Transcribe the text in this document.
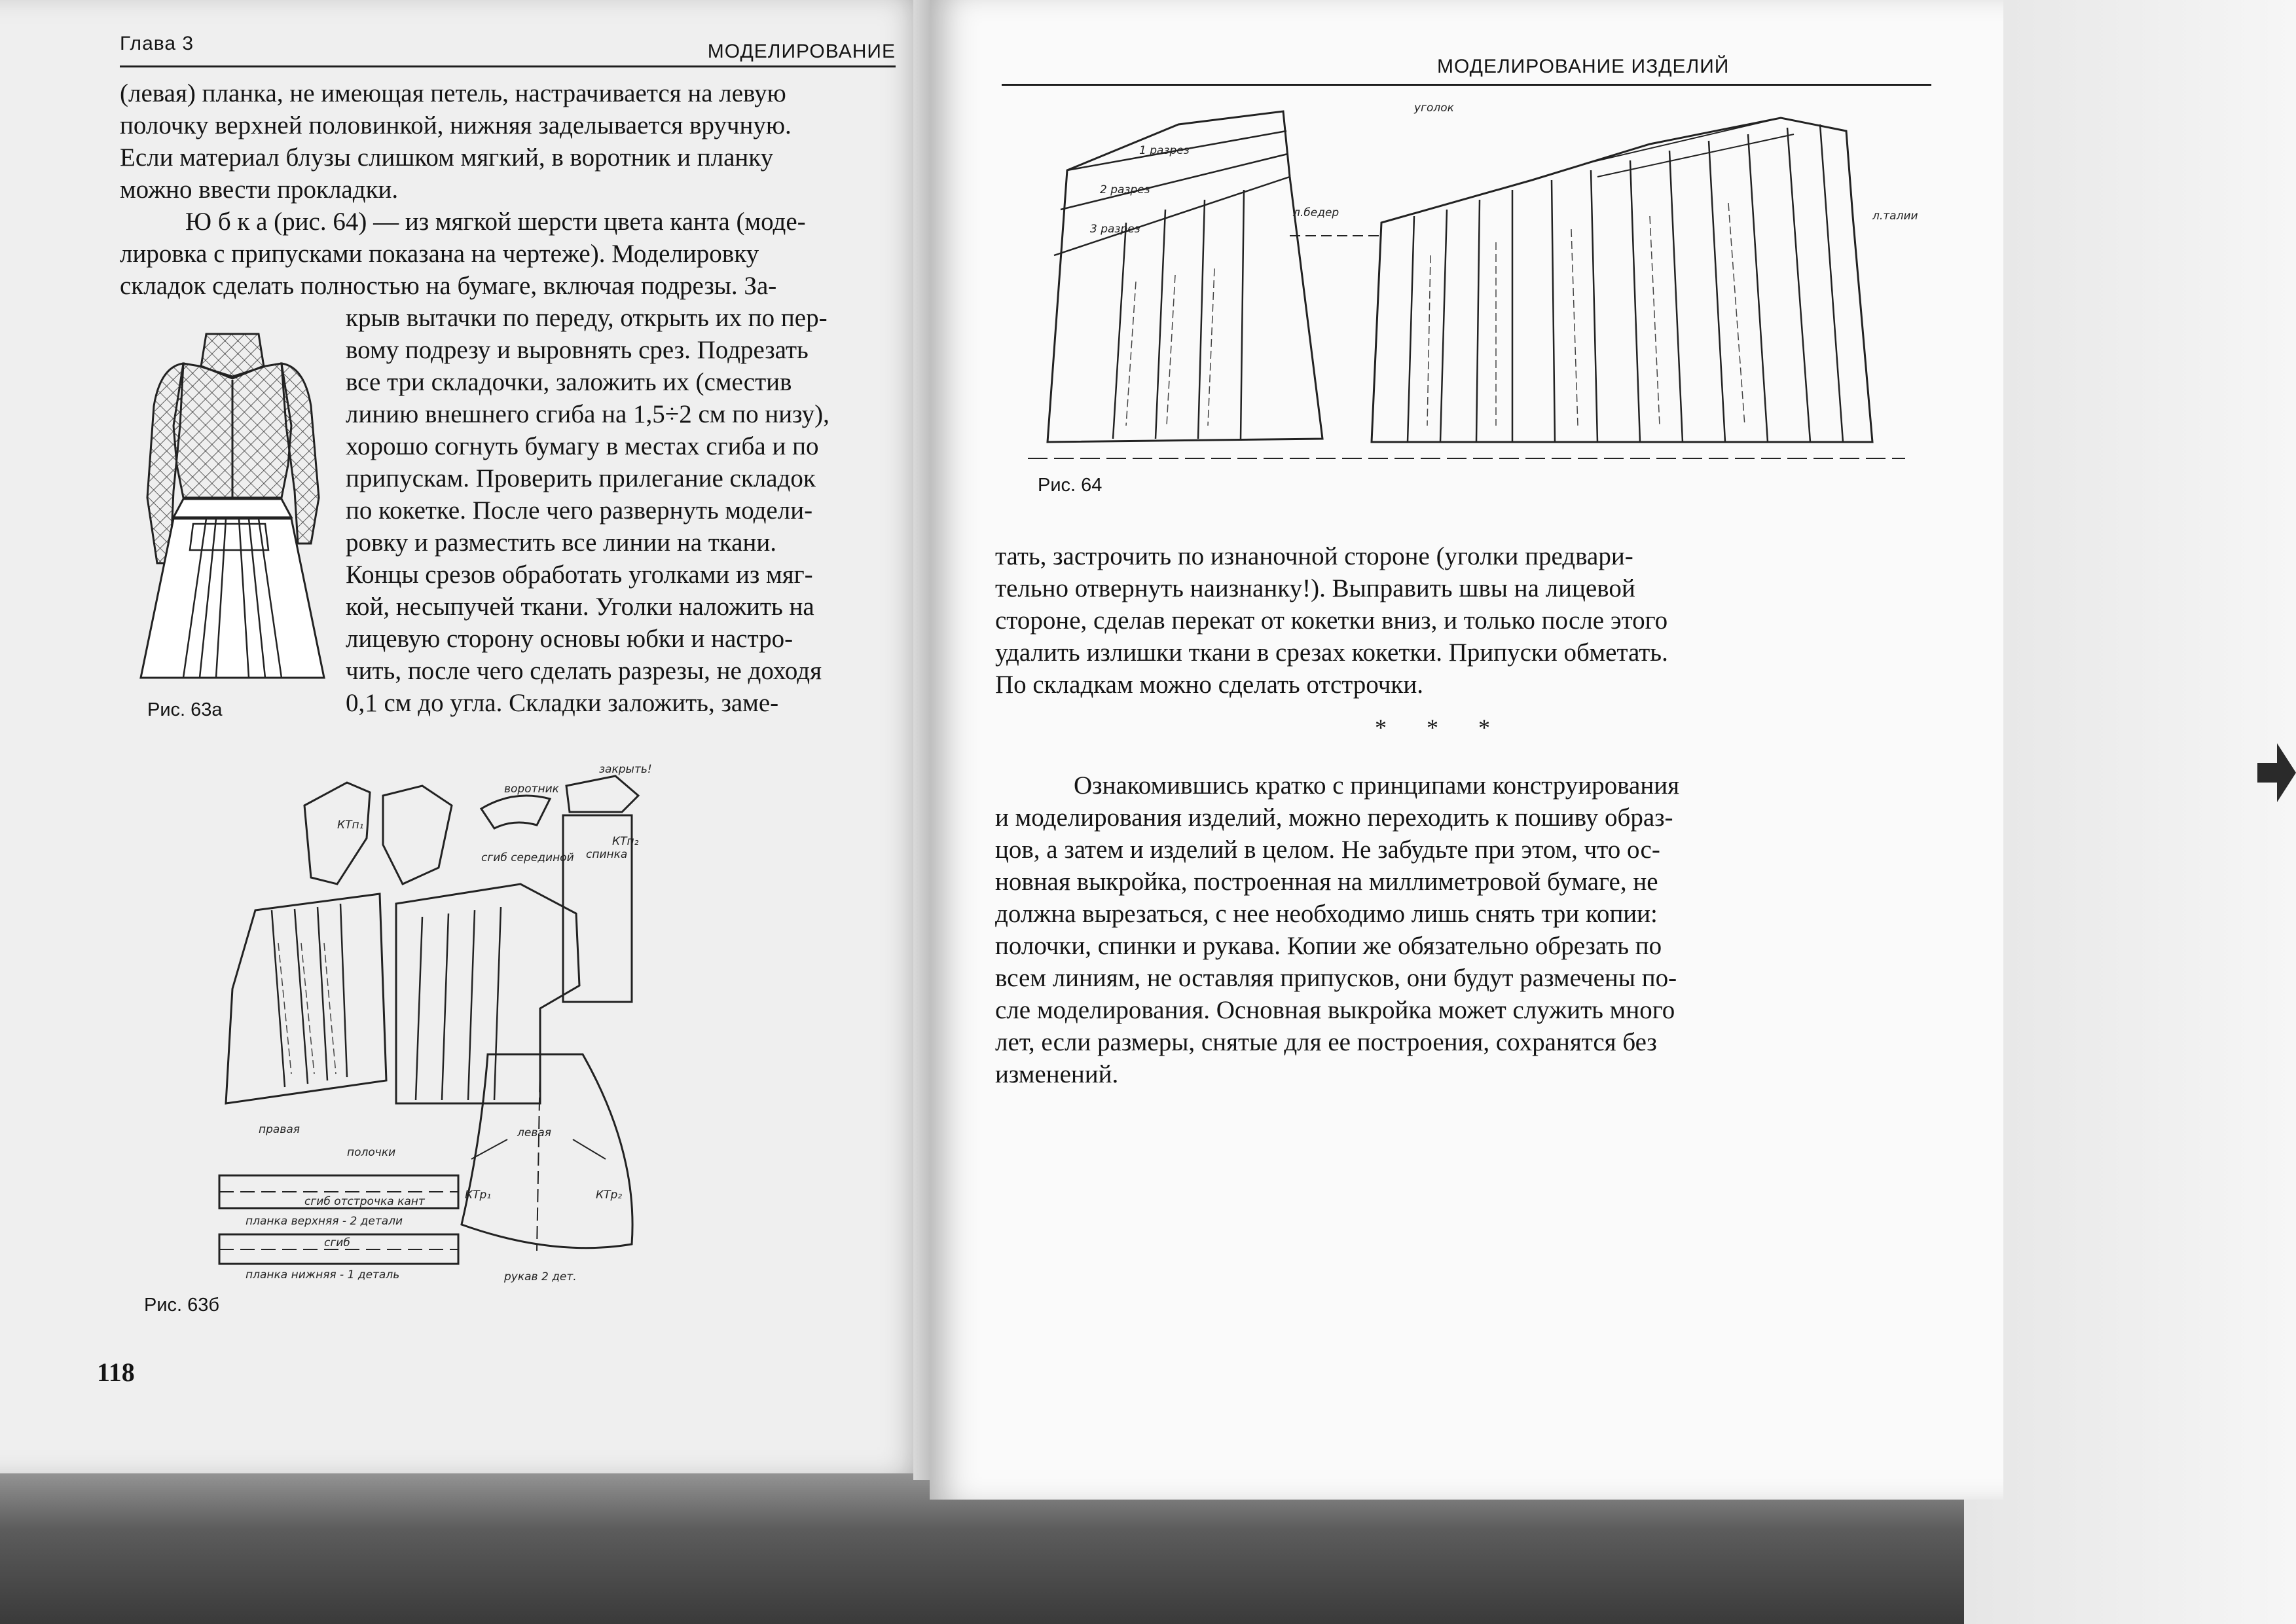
Глава 3	МОДЕЛИРОВАНИЕ

(левая) планка, не имеющая петель, настрачивается на левую

полочку верхней половинкой, нижняя заделывается вручную.

Если материал блузы слишком мягкий, в воротник и планку

можно ввести прокладки.

Ю б к а (рис. 64) — из мягкой шерсти цвета канта (моде-

лировка с припусками показана на чертеже). Моделировку

складок сделать полностью на бумаге, включая подрезы. За-

крыв вытачки по переду, открыть их по пер-

вому подрезу и выровнять срез. Подрезать

все три складочки, заложить их (сместив

линию внешнего сгиба на 1,5÷2 см по низу),

хорошо согнуть бумагу в местах сгиба и по

припускам. Проверить прилегание складок

по кокетке. После чего развернуть модели-

ровку и разместить все линии на ткани.

Концы срезов обработать уголками из мяг-

кой, несыпучей ткани. Уголки наложить на

лицевую сторону основы юбки и настро-

чить, после чего сделать разрезы, не доходя

0,1 см до угла. Складки заложить, заме-

Рис. 63а
воротник
закрыть!
спинка
КТп₂
сгиб серединой
КТп₁
правая
полочки
левая
КТр₁	КТр₂
рукав 2 дет.
сгиб отстрочка кант
планка верхняя - 2 детали
сгиб
планка нижняя - 1 деталь
Рис. 63б
118
МОДЕЛИРОВАНИЕ ИЗДЕЛИЙ
1 разрез
2 разрез
3 разрез
л.бедер	л.талии
уголок
Рис. 64

тать, застрочить по изнаночной стороне (уголки предвари-

тельно отвернуть наизнанку!). Выправить швы на лицевой

стороне, сделав перекат от кокетки вниз, и только после этого

удалить излишки ткани в срезах кокетки. Припуски обметать.

По складкам можно сделать отстрочки.

* * *

Ознакомившись кратко с принципами конструирования

и моделирования изделий, можно переходить к пошиву образ-

цов, а затем и изделий в целом. Не забудьте при этом, что ос-

новная выкройка, построенная на миллиметровой бумаге, не

должна вырезаться, с нее необходимо лишь снять три копии:

полочки, спинки и рукава. Копии же обязательно обрезать по

всем линиям, не оставляя припусков, они будут размечены по-

сле моделирования. Основная выкройка может служить много

лет, если размеры, снятые для ее построения, сохранятся без

изменений.
